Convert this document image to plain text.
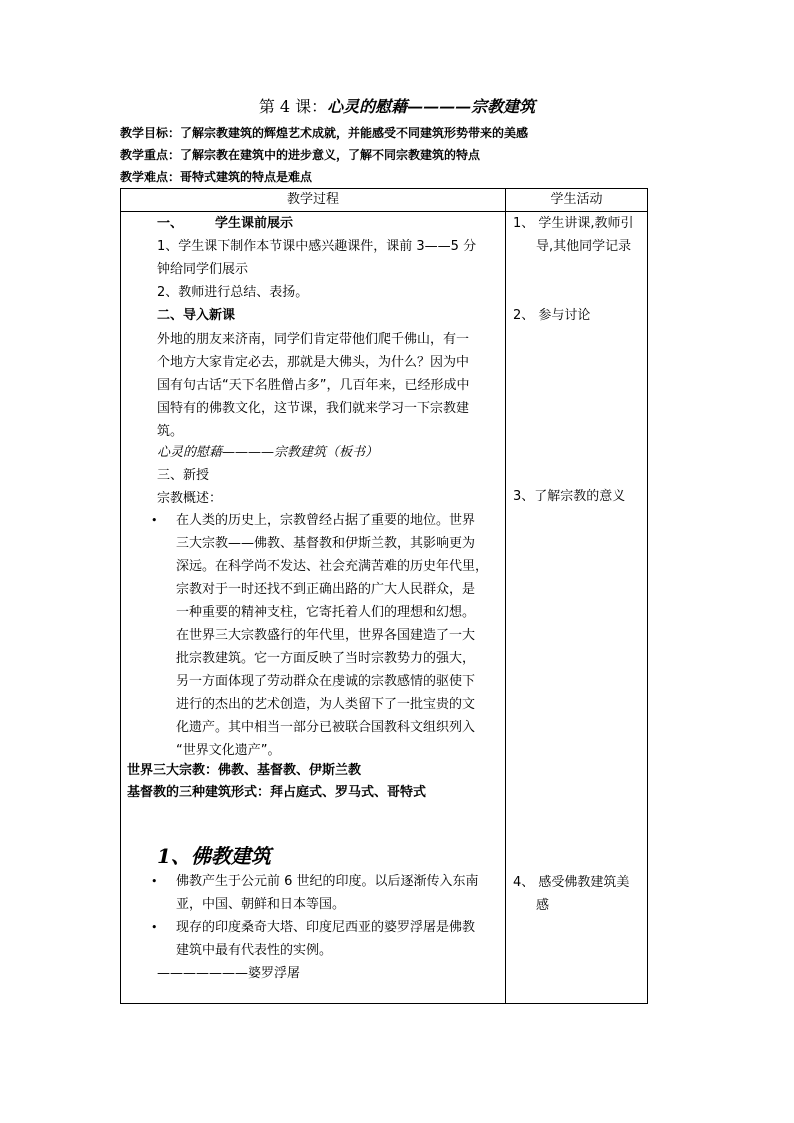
第 4 课：心灵的慰藉————宗教建筑
教学目标：了解宗教建筑的辉煌艺术成就，并能感受不同建筑形势带来的美感
教学重点：了解宗教在建筑中的进步意义，了解不同宗教建筑的特点
教学难点：哥特式建筑的特点是难点
教学过程	学生活动
一、 学生课前展示
1、学生课下制作本节课中感兴趣课件，课前 3——5 分
钟给同学们展示
2、教师进行总结、表扬。
二、导入新课
外地的朋友来济南，同学们肯定带他们爬千佛山，有一
个地方大家肯定必去，那就是大佛头，为什么？因为中
国有句古话“天下名胜僧占多”，几百年来，已经形成中
国特有的佛教文化，这节课，我们就来学习一下宗教建
筑。
心灵的慰藉————宗教建筑（板书）
三、新授
宗教概述：
• 在人类的历史上，宗教曾经占据了重要的地位。世界
三大宗教——佛教、基督教和伊斯兰教，其影响更为
深远。在科学尚不发达、社会充满苦难的历史年代里，
宗教对于一时还找不到正确出路的广大人民群众，是
一种重要的精神支柱，它寄托着人们的理想和幻想。
在世界三大宗教盛行的年代里，世界各国建造了一大
批宗教建筑。它一方面反映了当时宗教势力的强大，
另一方面体现了劳动群众在虔诚的宗教感情的驱使下
进行的杰出的艺术创造，为人类留下了一批宝贵的文
化遗产。其中相当一部分已被联合国教科文组织列入
“世界文化遗产”。
世界三大宗教：佛教、基督教、伊斯兰教
基督教的三种建筑形式：拜占庭式、罗马式、哥特式
1、佛教建筑
• 佛教产生于公元前 6 世纪的印度。以后逐渐传入东南
亚，中国、朝鲜和日本等国。
• 现存的印度桑奇大塔、印度尼西亚的婆罗浮屠是佛教
建筑中最有代表性的实例。
———————婆罗浮屠
1、 学生讲课,教师引
导,其他同学记录
2、 参与讨论
3、了解宗教的意义
4、 感受佛教建筑美
感
